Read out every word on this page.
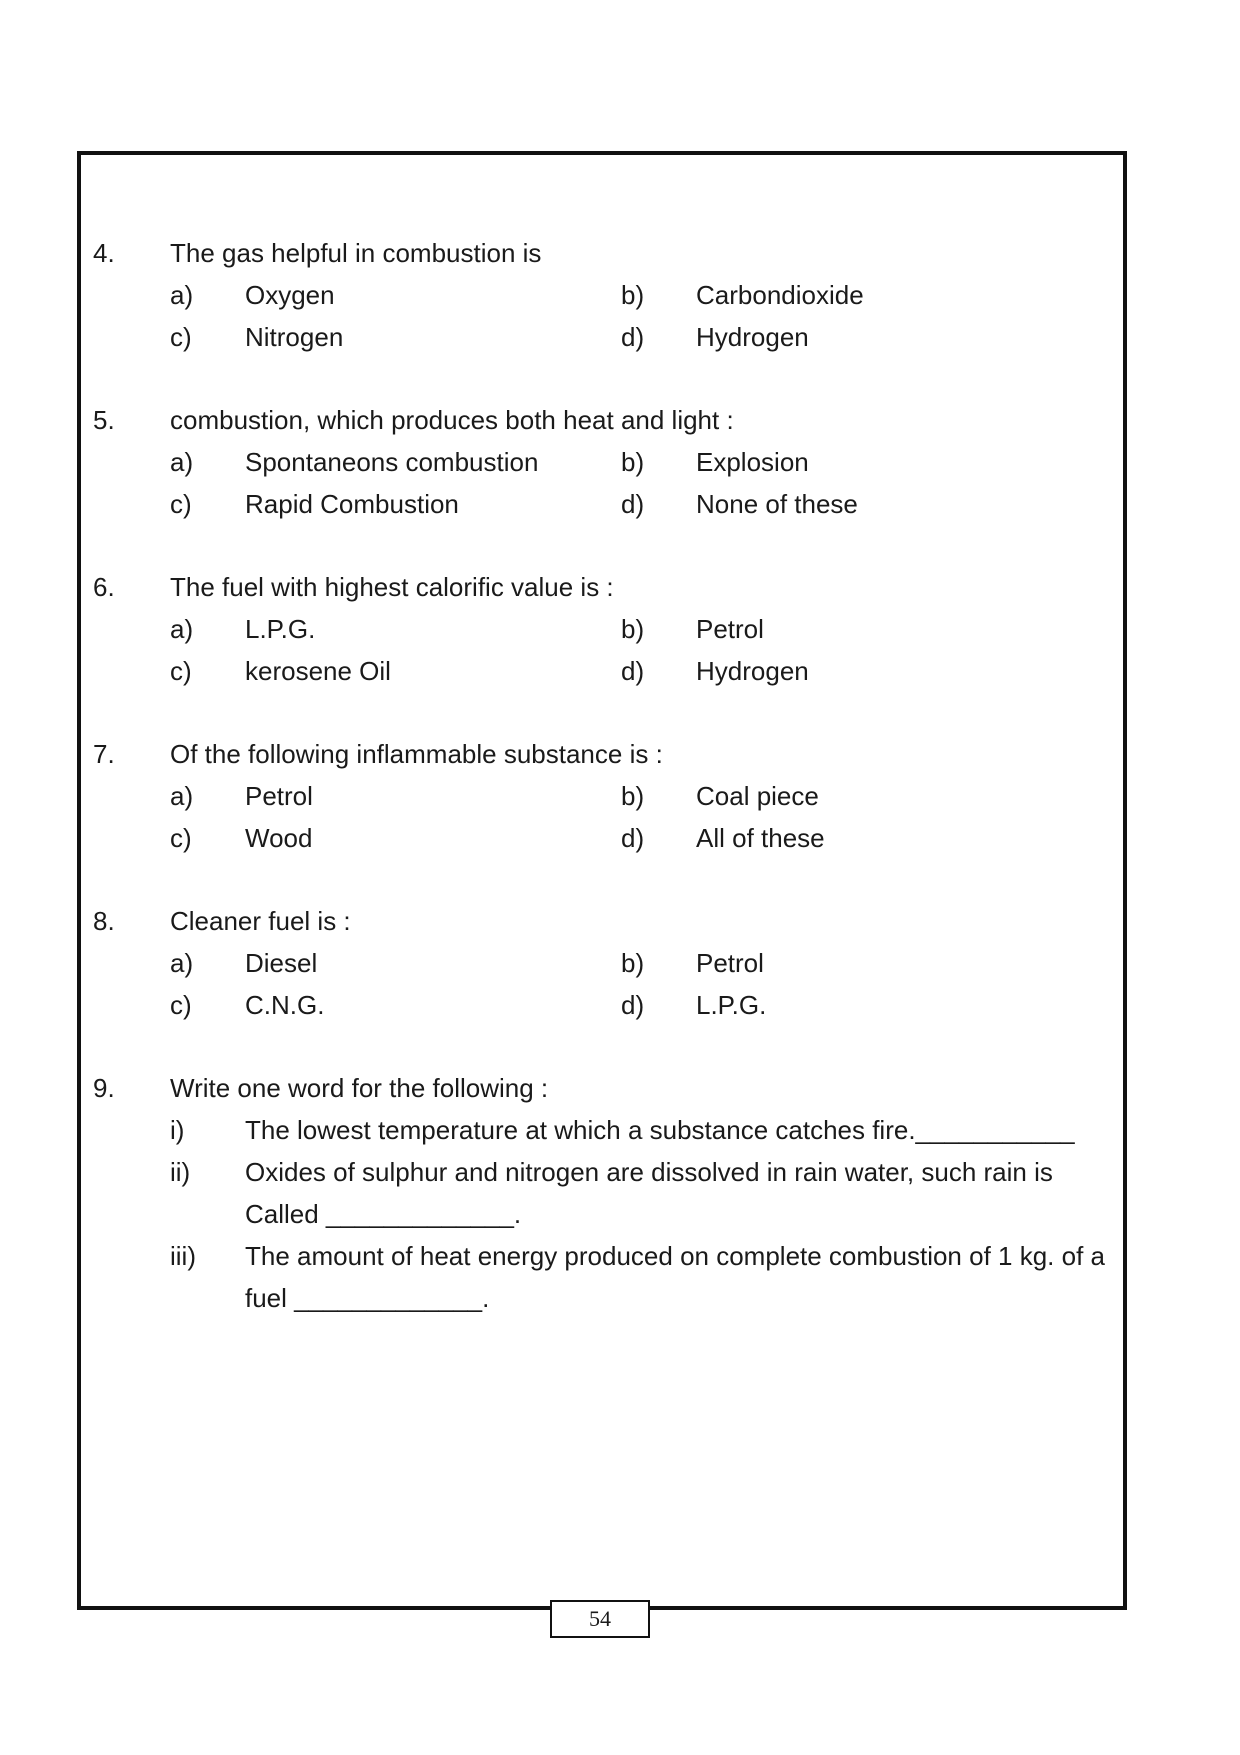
4.	The gas helpful in combustion is
a)	Oxygen	b)	Carbondioxide
c)	Nitrogen	d)	Hydrogen
5.	combustion, which produces both heat and light :
a)	Spontaneons combustion	b)	Explosion
c)	Rapid Combustion	d)	None of these
6.	The fuel with highest calorific value is :
a)	L.P.G.	b)	Petrol
c)	kerosene Oil	d)	Hydrogen
7.	Of the following inflammable substance is :
a)	Petrol	b)	Coal piece
c)	Wood	d)	All of these
8.	Cleaner fuel is :
a)	Diesel	b)	Petrol
c)	C.N.G.	d)	L.P.G.
9.	Write one word for the following :
i)	The lowest temperature at which a substance catches fire.___________
ii)	Oxides of sulphur and nitrogen are dissolved in rain water, such rain is Called _____________.
iii)	The amount of heat energy produced on complete combustion of 1 kg. of a fuel _____________.
54
